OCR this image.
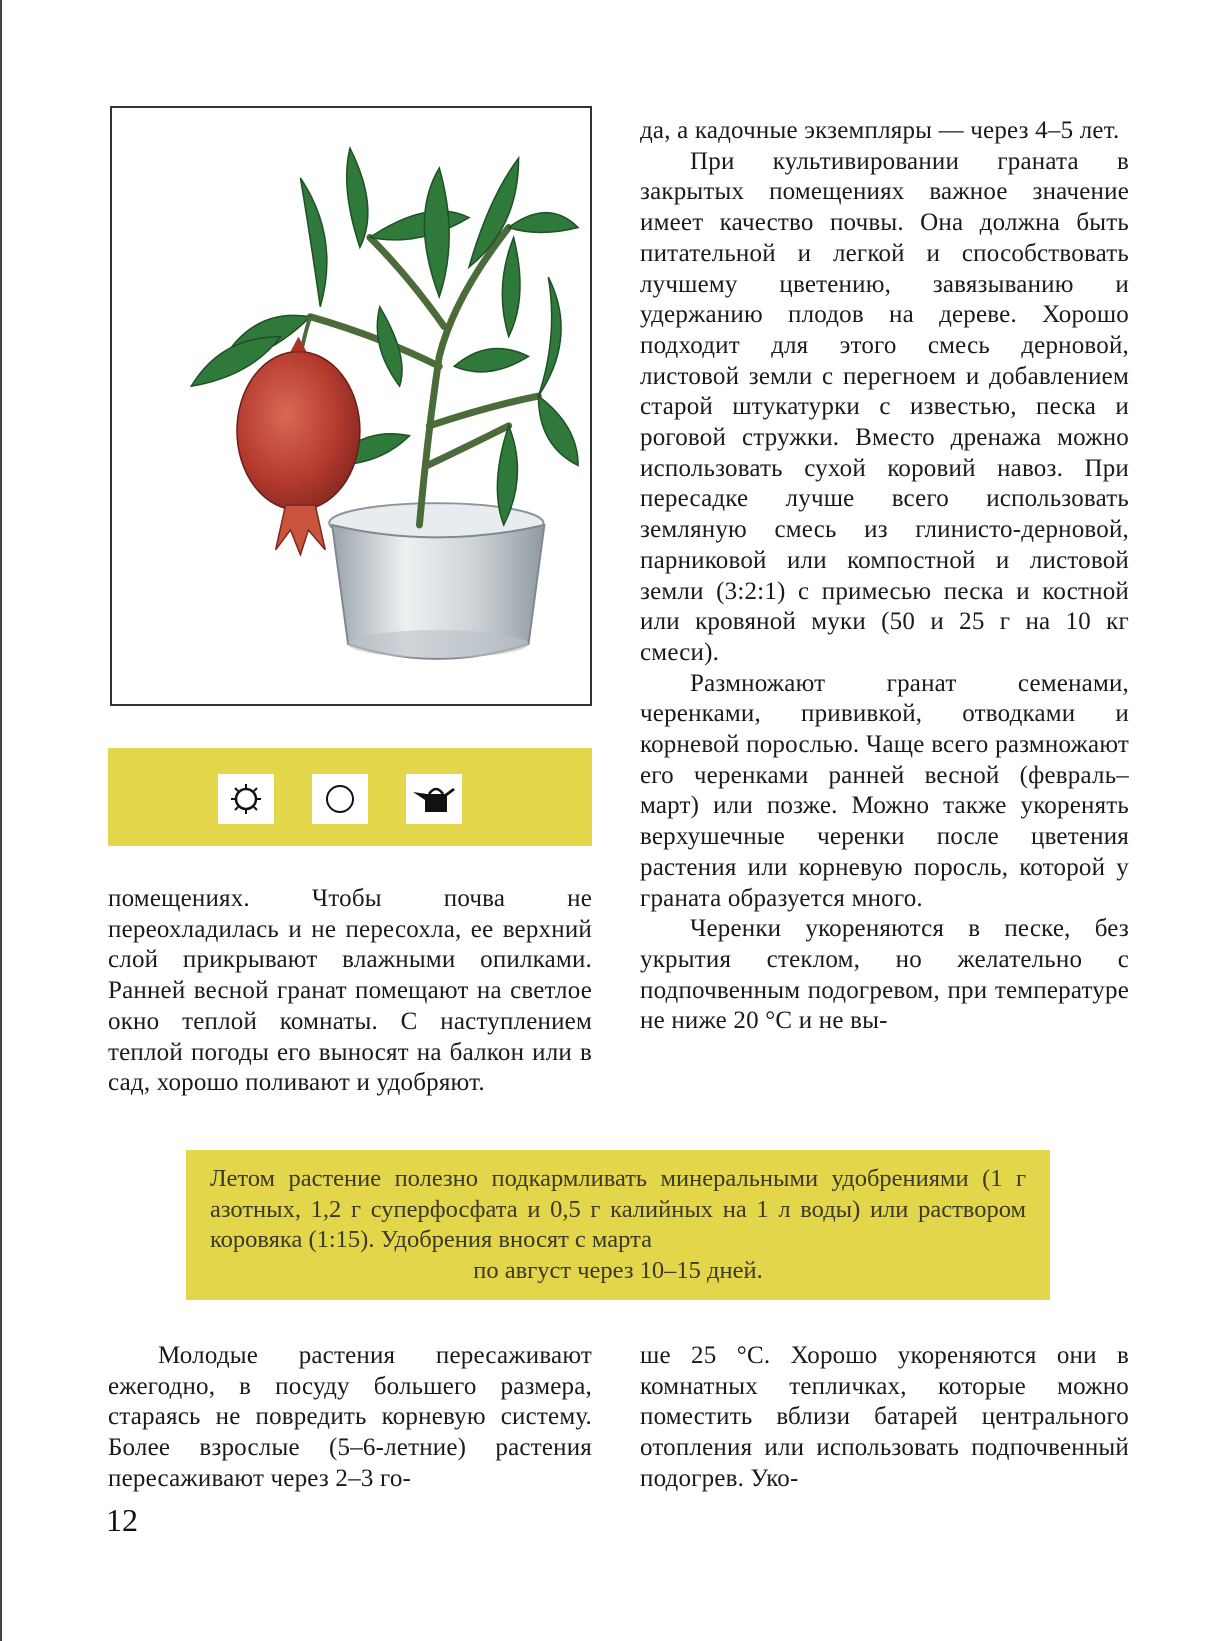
да, а кадочные экземпляры — через 4–5 лет.

При культивировании граната в закрытых помещениях важное значение имеет качество почвы. Она должна быть питательной и легкой и способствовать лучшему цветению, завязыванию и удержанию плодов на дереве. Хорошо подходит для этого смесь дерновой, листовой земли с перегноем и добавлением старой штукатурки с известью, песка и роговой стружки. Вместо дренажа можно использовать сухой коровий навоз. При пересадке лучше всего использовать земляную смесь из глинисто-дерновой, парниковой или компостной и листовой земли (3:2:1) с примесью песка и костной или кровяной муки (50 и 25 г на 10 кг смеси).

Размножают гранат семенами, черенками, прививкой, отводками и корневой порослью. Чаще всего размножают его черенками ранней весной (февраль–март) или позже. Можно также укоренять верхушечные черенки после цветения растения или корневую поросль, которой у граната образуется много.

Черенки укореняются в песке, без укрытия стеклом, но желательно с подпочвенным подогревом, при температуре не ниже 20 °С и не вы-

помещениях. Чтобы почва не переохладилась и не пересохла, ее верхний слой прикрывают влажными опилками. Ранней весной гранат помещают на светлое окно теплой комнаты. С наступлением теплой погоды его выносят на балкон или в сад, хорошо поливают и удобряют.

Летом растение полезно подкармливать минеральными удобрениями (1 г азотных, 1,2 г суперфосфата и 0,5 г калийных на 1 л воды) или раствором коровяка (1:15). Удобрения вносят с марта
по август через 10–15 дней.

Молодые растения пересаживают ежегодно, в посуду большего размера, стараясь не повредить корневую систему. Более взрослые (5–6-летние) растения пересаживают через 2–3 го-

ше 25 °С. Хорошо укореняются они в комнатных тепличках, которые можно поместить вблизи батарей центрального отопления или использовать подпочвенный подогрев. Уко-

12
